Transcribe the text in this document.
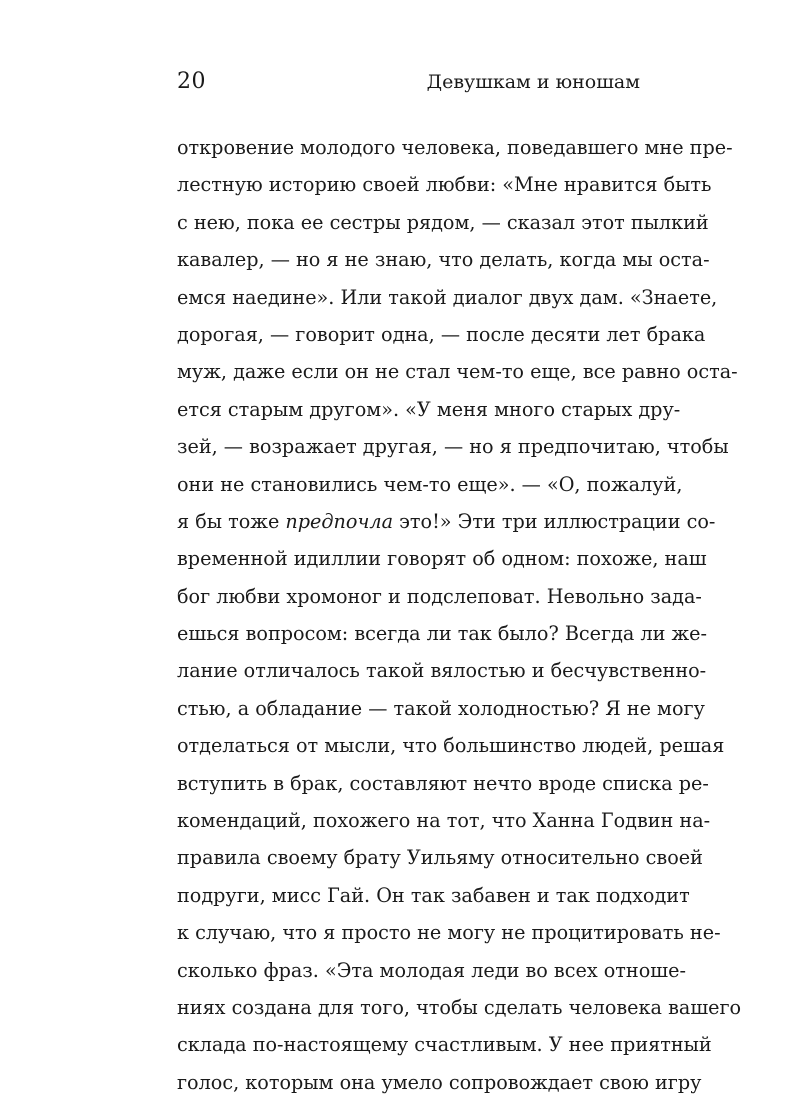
20	Девушкам и юношам
откровение молодого человека, поведавшего мне пре-
лестную историю своей любви: «Мне нравится быть
с нею, пока ее сестры рядом, — сказал этот пылкий
кавалер, — но я не знаю, что делать, когда мы оста-
емся наедине». Или такой диалог двух дам. «Знаете,
дорогая, — говорит одна, — после десяти лет брака
муж, даже если он не стал чем-то еще, все равно оста-
ется старым другом». «У меня много старых дру-
зей, — возражает другая, — но я предпочитаю, чтобы
они не становились чем-то еще». — «О, пожалуй,
я бы тоже предпочла это!» Эти три иллюстрации со-
временной идиллии говорят об одном: похоже, наш
бог любви хромоног и подслеповат. Невольно зада-
ешься вопросом: всегда ли так было? Всегда ли же-
лание отличалось такой вялостью и бесчувственно-
стью, а обладание — такой холодностью? Я не могу
отделаться от мысли, что большинство людей, решая
вступить в брак, составляют нечто вроде списка ре-
комендаций, похожего на тот, что Ханна Годвин на-
правила своему брату Уильяму относительно своей
подруги, мисс Гай. Он так забавен и так подходит
к случаю, что я просто не могу не процитировать не-
сколько фраз. «Эта молодая леди во всех отноше-
ниях создана для того, чтобы сделать человека вашего
склада по-настоящему счастливым. У нее приятный
голос, которым она умело сопровождает свою игру
